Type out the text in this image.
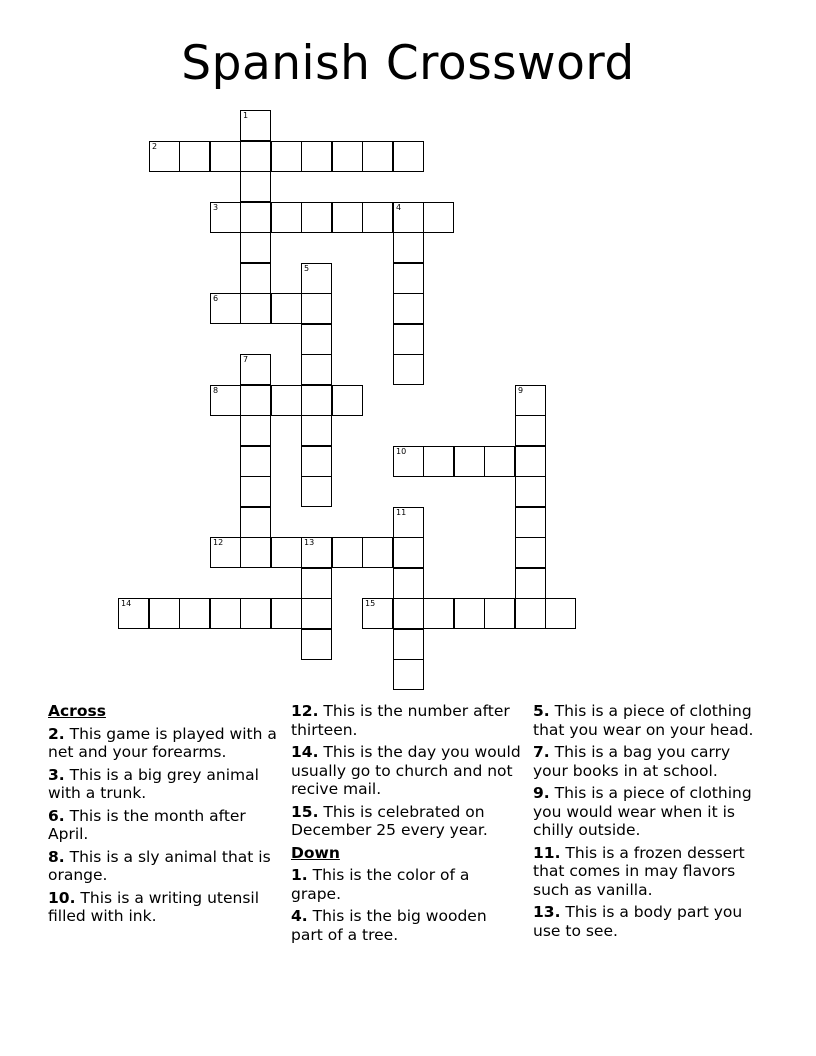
Spanish Crossword
2
3	4
6
8
10
12	13
14	15
1
5
7
9
11
Across
2. This game is played with a net and your forearms.
3. This is a big grey animal with a trunk.
6. This is the month after April.
8. This is a sly animal that is orange.
10. This is a writing utensil filled with ink.
12. This is the number after thirteen.
14. This is the day you would usually go to church and not recive mail.
15. This is celebrated on December 25 every year.
Down
1. This is the color of a grape.
4. This is the big wooden part of a tree.
5. This is a piece of clothing that you wear on your head.
7. This is a bag you carry your books in at school.
9. This is a piece of clothing you would wear when it is chilly outside.
11. This is a frozen dessert that comes in may flavors such as vanilla.
13. This is a body part you use to see.
